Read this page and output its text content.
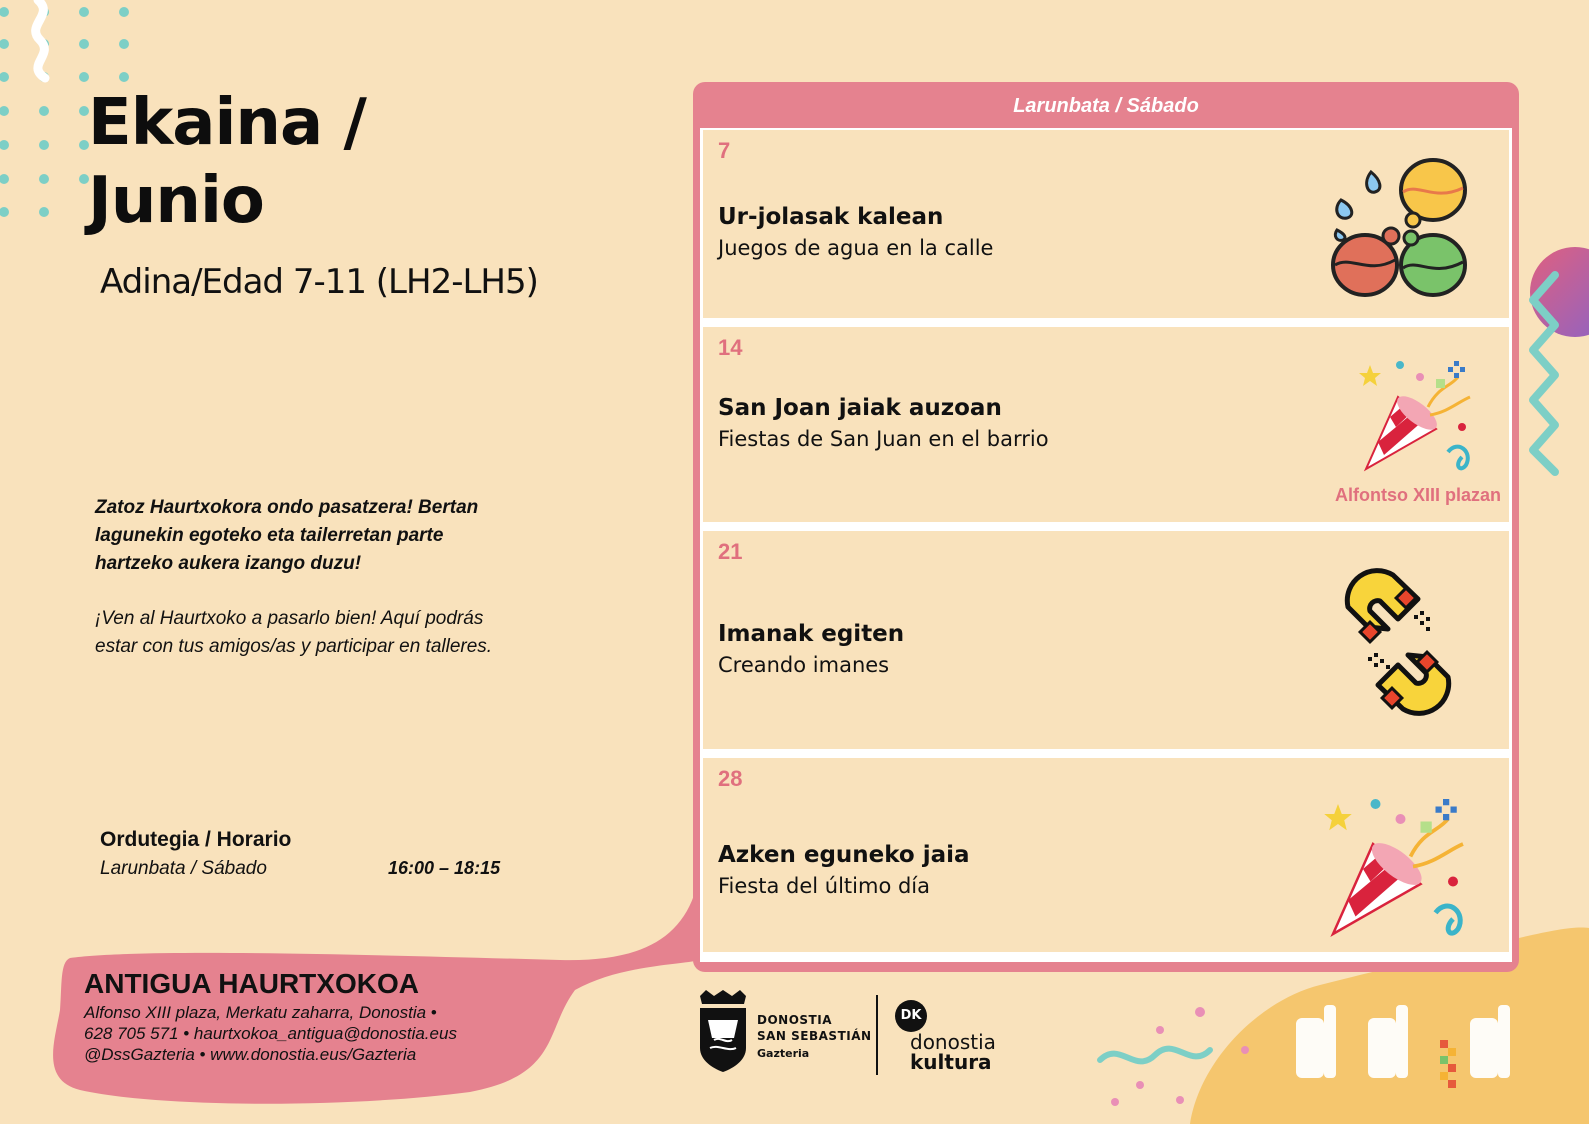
Ekaina /
Junio
Adina/Edad 7-11 (LH2-LH5)
Zatoz Haurtxokora ondo pasatzera! Bertan lagunekin egoteko eta tailerretan parte hartzeko aukera izango duzu!
¡Ven al Haurtxoko a pasarlo bien! Aquí podrás estar con tus amigos/as y participar en talleres.
Ordutegia / Horario
Larunbata / Sábado	16:00 – 18:15
ANTIGUA HAURTXOKOA
Alfonso XIII plaza, Merkatu zaharra, Donostia •
628 705 571 • haurtxokoa_antigua@donostia.eus
@DssGazteria • www.donostia.eus/Gazteria
Larunbata / Sábado
7
Ur-jolasak kalean
Juegos de agua en la calle
14
San Joan jaiak auzoan
Fiestas de San Juan en el barrio
Alfontso XIII plazan
21
Imanak egiten
Creando imanes
28
Azken eguneko jaia
Fiesta del último día
DONOSTIA
SAN SEBASTIÁN
Gazteria
DK
donostia
kultura
